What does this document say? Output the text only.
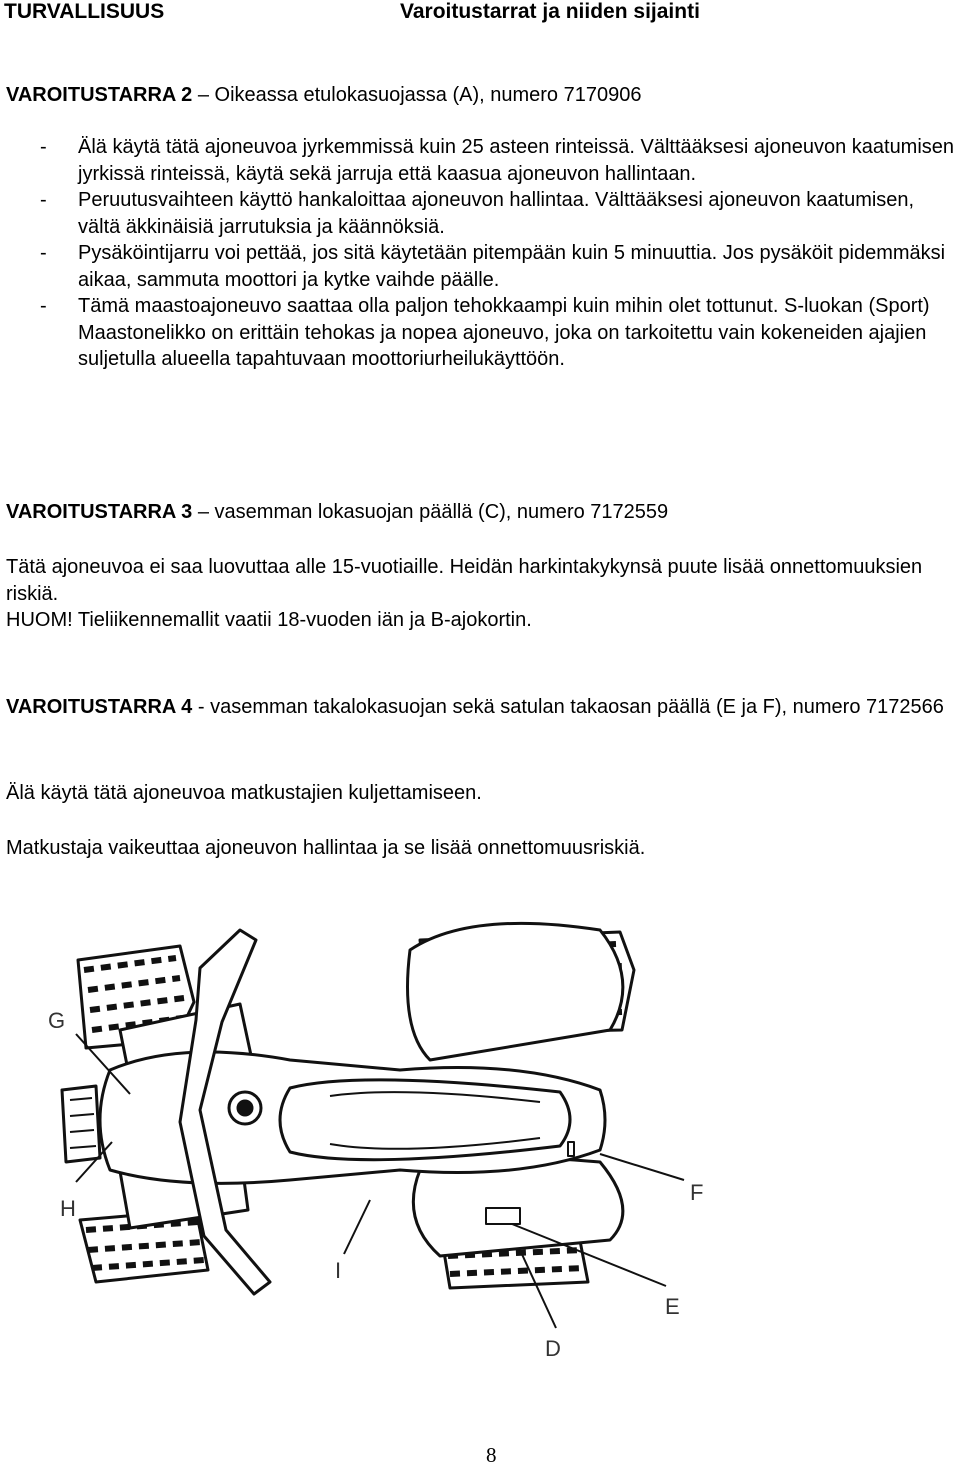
TURVALLISUUS	Varoitustarrat ja niiden sijainti
VAROITUSTARRA 2 – Oikeassa etulokasuojassa (A), numero 7170906
- Älä käytä tätä ajoneuvoa jyrkemmissä kuin 25 asteen rinteissä. Välttääksesi ajoneuvon kaatumisen jyrkissä rinteissä, käytä sekä jarruja että kaasua ajoneuvon hallintaan.
- Peruutusvaihteen käyttö hankaloittaa ajoneuvon hallintaa. Välttääksesi ajoneuvon kaatumisen, vältä äkkinäisiä jarrutuksia ja käännöksiä.
- Pysäköintijarru voi pettää, jos sitä käytetään pitempään kuin 5 minuuttia. Jos pysäköit pidemmäksi aikaa, sammuta moottori ja kytke vaihde päälle.
- Tämä maastoajoneuvo saattaa olla paljon tehokkaampi kuin mihin olet tottunut. S-luokan (Sport) Maastonelikko on erittäin tehokas ja nopea ajoneuvo, joka on tarkoitettu vain kokeneiden ajajien suljetulla alueella tapahtuvaan moottoriurheilukäyttöön.
VAROITUSTARRA 3 – vasemman lokasuojan päällä (C), numero 7172559

Tätä ajoneuvoa ei saa luovuttaa alle 15-vuotiaille. Heidän harkintakykynsä puute lisää onnettomuuksien riskiä.

HUOM! Tieliikennemallit vaatii 18-vuoden iän ja B-ajokortin.

VAROITUSTARRA 4 - vasemman takalokasuojan sekä satulan takaosan päällä (E ja F), numero 7172566

Älä käytä tätä ajoneuvoa matkustajien kuljettamiseen.

Matkustaja vaikeuttaa ajoneuvon hallintaa ja se lisää onnettomuusriskiä.

G
H
I
F
E
D
8
